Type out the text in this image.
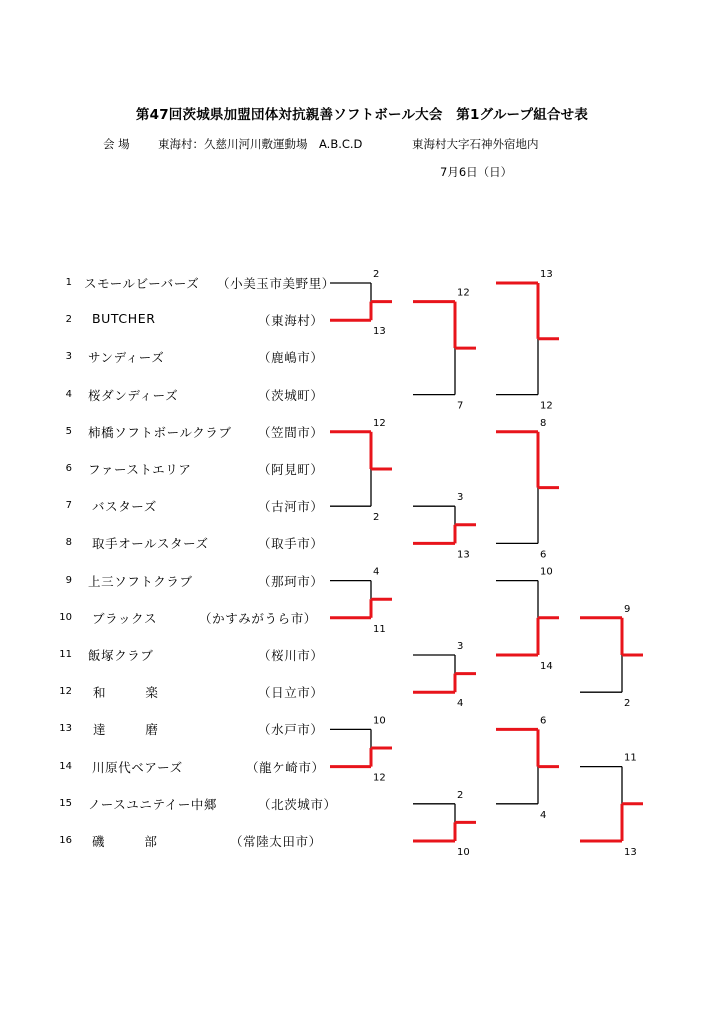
第47回茨城県加盟団体対抗親善ソフトボール大会　第1グループ組合せ表
会 場 東海村：久慈川河川敷運動場　A.B.C.D	東海村大字石神外宿地内
7月6日（日）
1 スモールビーバーズ （小美玉市美野里）
2 BUTCHER	（東海村）
3 サンディーズ	（鹿嶋市）
4 桜ダンディーズ	（茨城町）
5 柿橋ソフトボールクラブ （笠間市）
6 ファーストエリア	（阿見町）
7 バスターズ	（古河市）
8 取手オールスターズ	（取手市）
9 上三ソフトクラブ	（那珂市）
10 ブラックス	（かすみがうら市）
11 飯塚クラブ	（桜川市）
12 和　　　楽	（日立市）
13 達　　　磨	（水戸市）
14 川原代ベアーズ	（龍ケ崎市）
15 ノースユニテイー中郷	（北茨城市）
16 磯　　　部	（常陸太田市）
2
13
12
7
13
12
12
2
3
13
8
6
4
11
3
4
10
14
9
2
10
12
2
10
6
4
11
13
